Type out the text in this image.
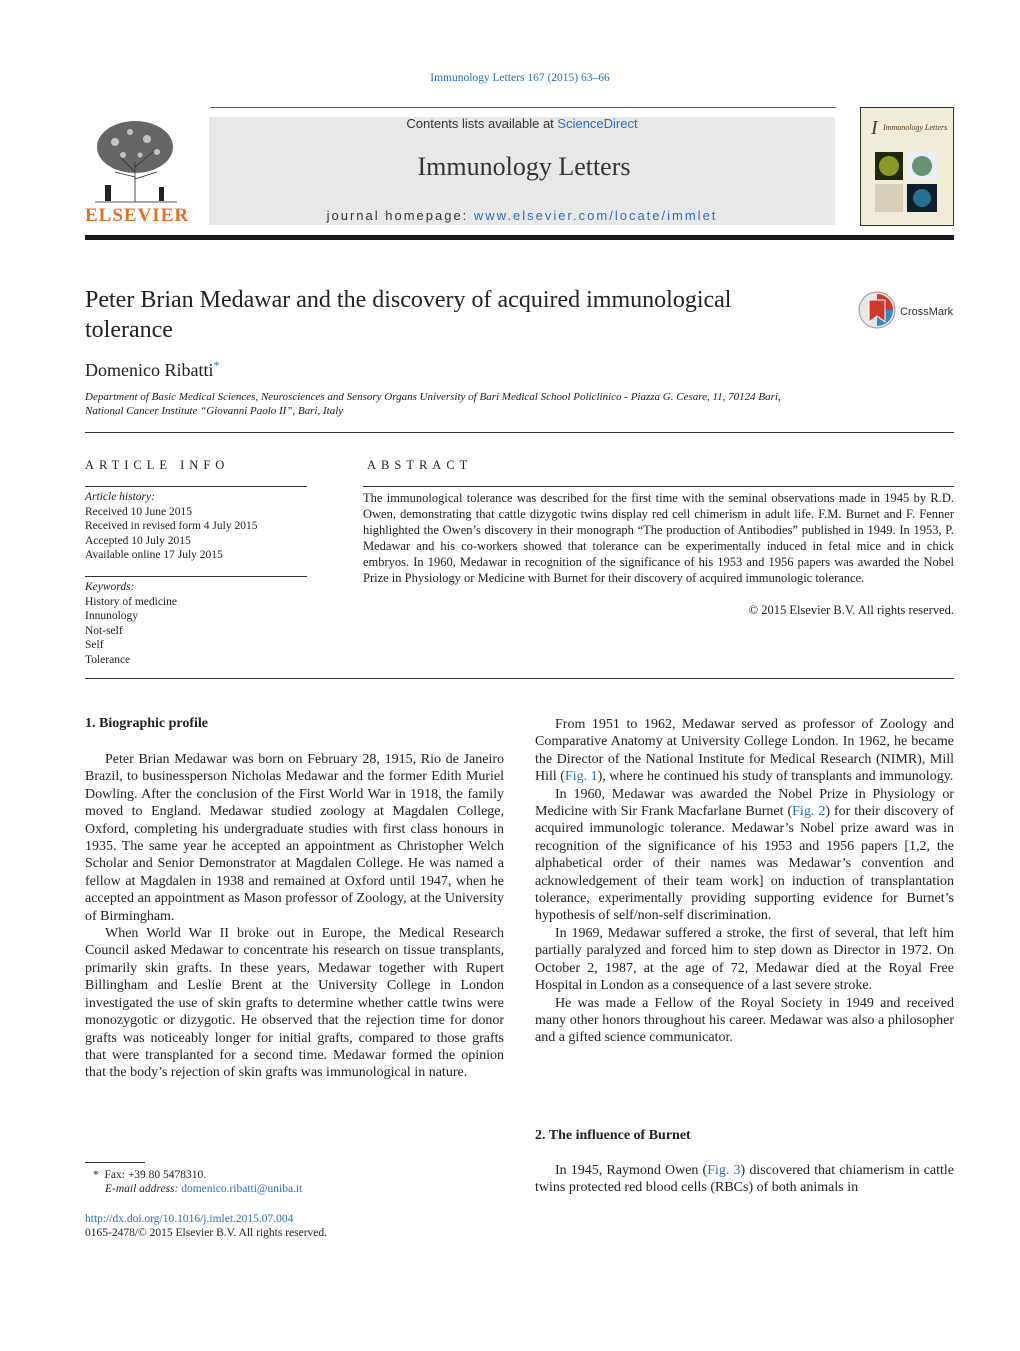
Immunology Letters 167 (2015) 63–66
ELSEVIER
Contents lists available at ScienceDirect
Immunology Letters
journal homepage: www.elsevier.com/locate/immlet
I Immunology Letters
Peter Brian Medawar and the discovery of acquired immunological tolerance
CrossMark
Domenico Ribatti*
Department of Basic Medical Sciences, Neurosciences and Sensory Organs University of Bari Medical School Policlinico - Piazza G. Cesare, 11, 70124 Bari,
National Cancer Institute “Giovanni Paolo II”, Bari, Italy
ARTICLE INFO
Article history:
Received 10 June 2015
Received in revised form 4 July 2015
Accepted 10 July 2015
Available online 17 July 2015
Keywords:
History of medicine
Innunology
Not-self
Self
Tolerance
ABSTRACT
The immunological tolerance was described for the first time with the seminal observations made in 1945 by R.D. Owen, demonstrating that cattle dizygotic twins display red cell chimerism in adult life. F.M. Burnet and F. Fenner highlighted the Owen’s discovery in their monograph “The production of Antibodies” published in 1949. In 1953, P. Medawar and his co-workers showed that tolerance can be experimentally induced in fetal mice and in chick embryos. In 1960, Medawar in recognition of the significance of his 1953 and 1956 papers was awarded the Nobel Prize in Physiology or Medicine with Burnet for their discovery of acquired immunologic tolerance.
© 2015 Elsevier B.V. All rights reserved.
1. Biographic profile

Peter Brian Medawar was born on February 28, 1915, Rio de Janeiro Brazil, to businessperson Nicholas Medawar and the former Edith Muriel Dowling. After the conclusion of the First World War in 1918, the family moved to England. Medawar studied zoology at Magdalen College, Oxford, completing his undergraduate studies with first class honours in 1935. The same year he accepted an appointment as Christopher Welch Scholar and Senior Demonstrator at Magdalen College. He was named a fellow at Magdalen in 1938 and remained at Oxford until 1947, when he accepted an appointment as Mason professor of Zoology, at the University of Birmingham.

When World War II broke out in Europe, the Medical Research Council asked Medawar to concentrate his research on tissue transplants, primarily skin grafts. In these years, Medawar together with Rupert Billingham and Leslie Brent at the University College in London investigated the use of skin grafts to determine whether cattle twins were monozygotic or dizygotic. He observed that the rejection time for donor grafts was noticeably longer for initial grafts, compared to those grafts that were transplanted for a second time. Medawar formed the opinion that the body’s rejection of skin grafts was immunological in nature.

From 1951 to 1962, Medawar served as professor of Zoology and Comparative Anatomy at University College London. In 1962, he became the Director of the National Institute for Medical Research (NIMR), Mill Hill (Fig. 1), where he continued his study of transplants and immunology.

In 1960, Medawar was awarded the Nobel Prize in Physiology or Medicine with Sir Frank Macfarlane Burnet (Fig. 2) for their discovery of acquired immunologic tolerance. Medawar’s Nobel prize award was in recognition of the significance of his 1953 and 1956 papers [1,2, the alphabetical order of their names was Medawar’s convention and acknowledgement of their team work] on induction of transplantation tolerance, experimentally providing supporting evidence for Burnet’s hypothesis of self/non-self discrimination.

In 1969, Medawar suffered a stroke, the first of several, that left him partially paralyzed and forced him to step down as Director in 1972. On October 2, 1987, at the age of 72, Medawar died at the Royal Free Hospital in London as a consequence of a last severe stroke.

He was made a Fellow of the Royal Society in 1949 and received many other honors throughout his career. Medawar was also a philosopher and a gifted science communicator.

2. The influence of Burnet

In 1945, Raymond Owen (Fig. 3) discovered that chiamerism in cattle twins protected red blood cells (RBCs) of both animals in

* Fax: +39 80 5478310.
E-mail address: domenico.ribatti@uniba.it
http://dx.doi.org/10.1016/j.imlet.2015.07.004
0165-2478/© 2015 Elsevier B.V. All rights reserved.
